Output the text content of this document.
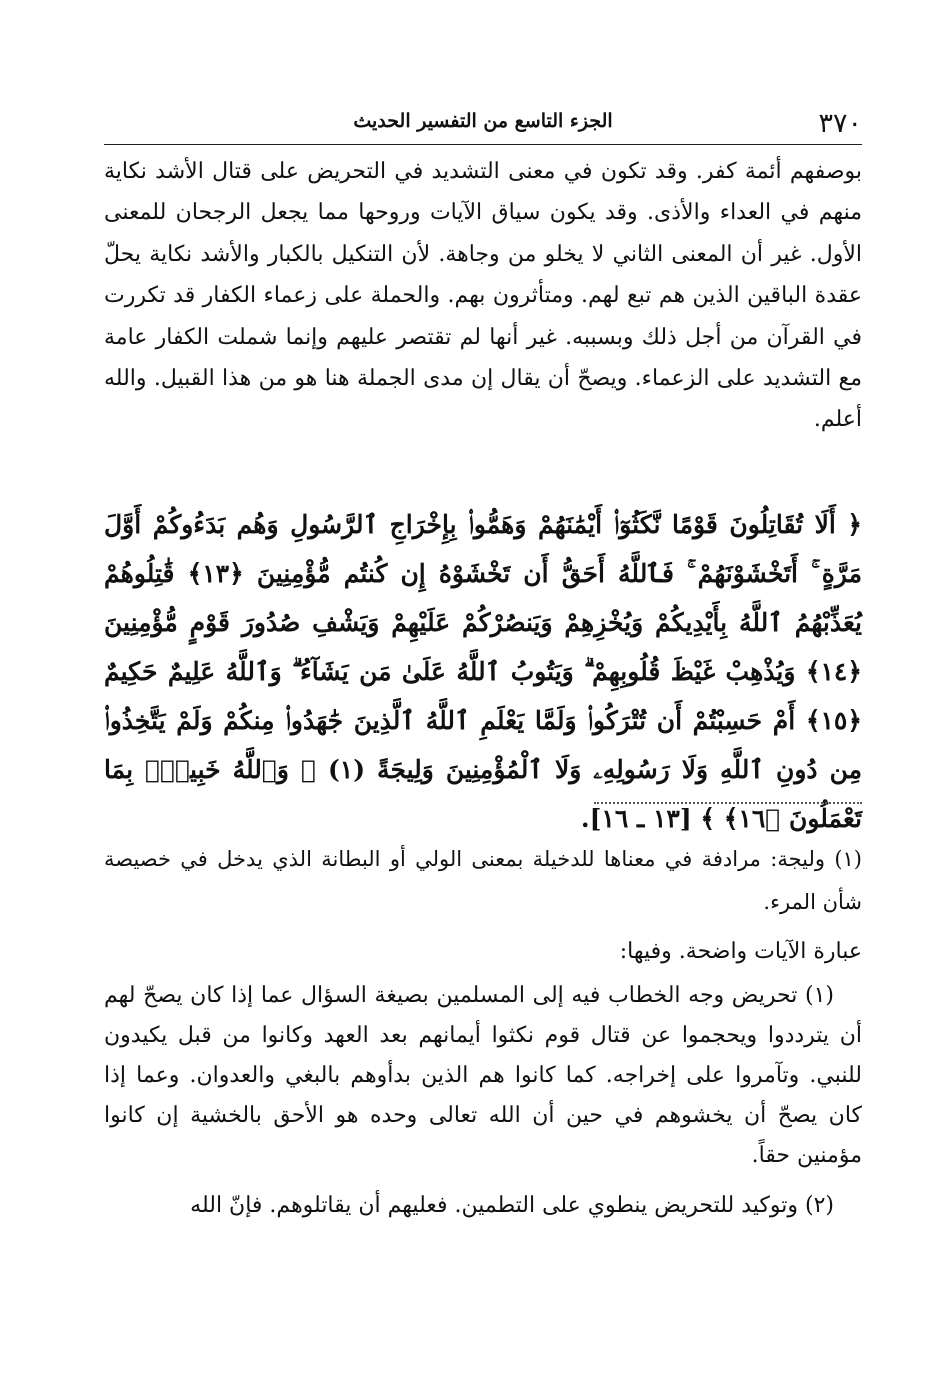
٣٧٠
الجزء التاسع من التفسير الحديث

بوصفهم أئمة كفر. وقد تكون في معنى التشديد في التحريض على قتال الأشد نكاية منهم في العداء والأذى. وقد يكون سياق الآيات وروحها مما يجعل الرجحان للمعنى الأول. غير أن المعنى الثاني لا يخلو من وجاهة. لأن التنكيل بالكبار والأشد نكاية يحلّ عقدة الباقين الذين هم تبع لهم. ومتأثرون بهم. والحملة على زعماء الكفار قد تكررت في القرآن من أجل ذلك وبسببه. غير أنها لم تقتصر عليهم وإنما شملت الكفار عامة مع التشديد على الزعماء. ويصحّ أن يقال إن مدى الجملة هنا هو من هذا القبيل. والله أعلم.

﴿ أَلَا تُقَاتِلُونَ قَوْمًا نَّكَثُوٓا۟ أَيْمَٰنَهُمْ وَهَمُّوا۟ بِإِخْرَاجِ ٱلرَّسُولِ وَهُم بَدَءُوكُمْ أَوَّلَ مَرَّةٍ ۚ أَتَخْشَوْنَهُمْ ۚ فَٱللَّهُ أَحَقُّ أَن تَخْشَوْهُ إِن كُنتُم مُّؤْمِنِينَ ﴿١٣﴾ قَٰتِلُوهُمْ يُعَذِّبْهُمُ ٱللَّهُ بِأَيْدِيكُمْ وَيُخْزِهِمْ وَيَنصُرْكُمْ عَلَيْهِمْ وَيَشْفِ صُدُورَ قَوْمٍ مُّؤْمِنِينَ ﴿١٤﴾ وَيُذْهِبْ غَيْظَ قُلُوبِهِمْ ۗ وَيَتُوبُ ٱللَّهُ عَلَىٰ مَن يَشَآءُ ۗ وَٱللَّهُ عَلِيمٌ حَكِيمٌ ﴿١٥﴾ أَمْ حَسِبْتُمْ أَن تُتْرَكُوا۟ وَلَمَّا يَعْلَمِ ٱللَّهُ ٱلَّذِينَ جَٰهَدُوا۟ مِنكُمْ وَلَمْ يَتَّخِذُوا۟ مِن دُونِ ٱللَّهِ وَلَا رَسُولِهِۦ وَلَا ٱلْمُؤْمِنِينَ وَلِيجَةً (١) ۚ وَٱللَّهُ خَبِيرٌۢ بِمَا تَعْمَلُونَ ﴿١٦﴾ ﴾ [١٣ ـ ١٦].

(١) وليجة: مرادفة في معناها للدخيلة بمعنى الولي أو البطانة الذي يدخل في خصيصة شأن المرء.

عبارة الآيات واضحة. وفيها:

(١) تحريض وجه الخطاب فيه إلى المسلمين بصيغة السؤال عما إذا كان يصحّ لهم أن يترددوا ويحجموا عن قتال قوم نكثوا أيمانهم بعد العهد وكانوا من قبل يكيدون للنبي. وتآمروا على إخراجه. كما كانوا هم الذين بدأوهم بالبغي والعدوان. وعما إذا كان يصحّ أن يخشوهم في حين أن الله تعالى وحده هو الأحق بالخشية إن كانوا مؤمنين حقاً.

(٢) وتوكيد للتحريض ينطوي على التطمين. فعليهم أن يقاتلوهم. فإنّ الله
